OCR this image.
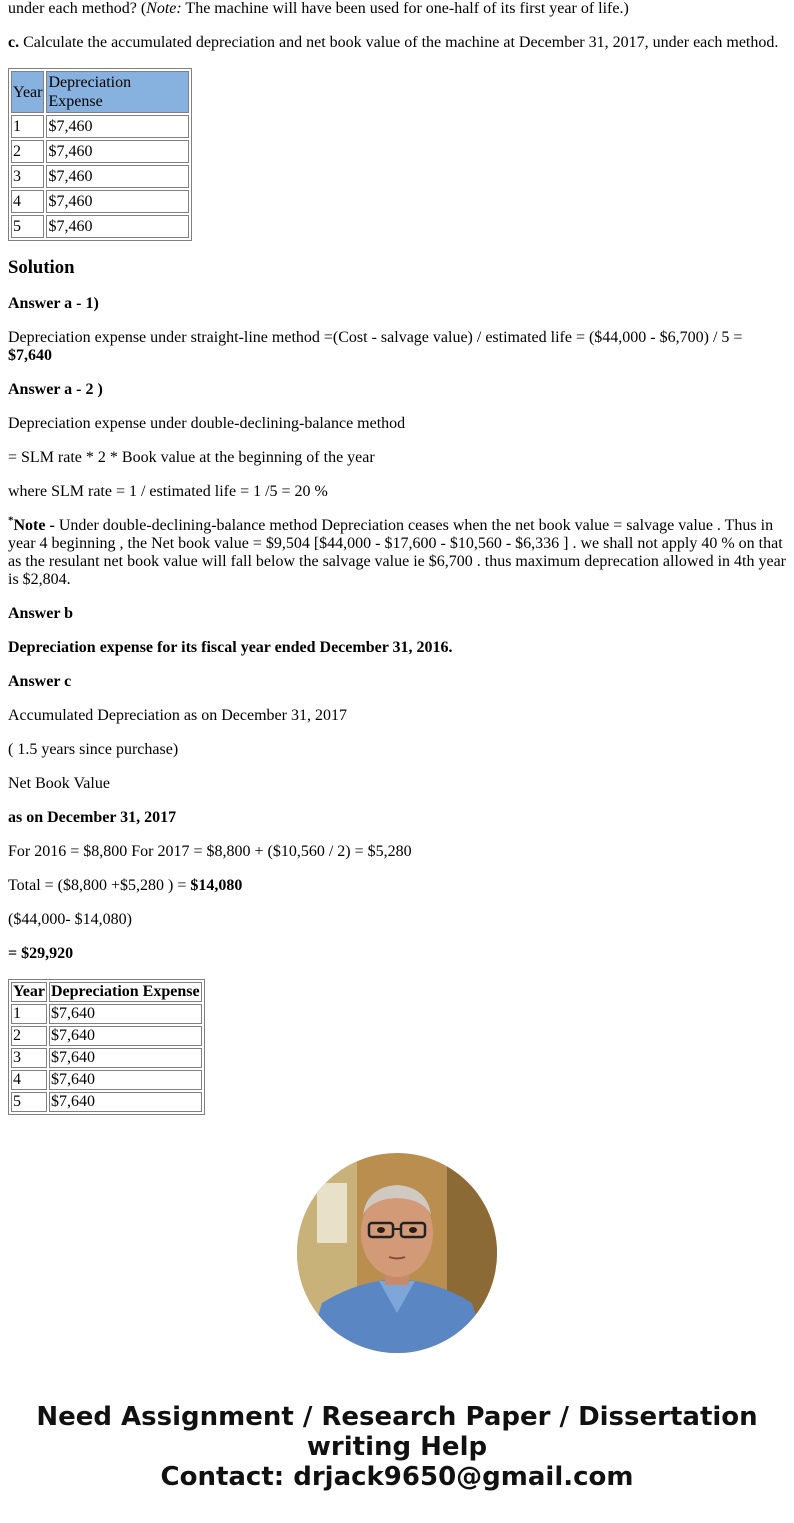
under each method? (Note: The machine will have been used for one-half of its first year of life.)

c. Calculate the accumulated depreciation and net book value of the machine at December 31, 2017, under each method.

Year	Depreciation Expense
1	$7,460
2	$7,460
3	$7,460
4	$7,460
5	$7,460
Solution

Answer a - 1)

Depreciation expense under straight-line method =(Cost - salvage value) / estimated life = ($44,000 - $6,700) / 5 = $7,640

Answer a - 2 )

Depreciation expense under double-declining-balance method

= SLM rate * 2 * Book value at the beginning of the year

where SLM rate = 1 / estimated life = 1 /5 = 20 %

*Note - Under double-declining-balance method Depreciation ceases when the net book value = salvage value . Thus in year 4 beginning , the Net book value = $9,504 [$44,000 - $17,600 - $10,560 - $6,336 ] . we shall not apply 40 % on that as the resulant net book value will fall below the salvage value ie $6,700 . thus maximum deprecation allowed in 4th year is $2,804.

Answer b

Depreciation expense for its fiscal year ended December 31, 2016.

Answer c

Accumulated Depreciation as on December 31, 2017

( 1.5 years since purchase)

Net Book Value

as on December 31, 2017

For 2016 = $8,800 For 2017 = $8,800 + ($10,560 / 2) = $5,280

Total = ($8,800 +$5,280 ) = $14,080

($44,000- $14,080)

= $29,920

Year	Depreciation Expense
1	$7,640
2	$7,640
3	$7,640
4	$7,640
5	$7,640
Need Assignment / Research Paper / Dissertation
writing Help
Contact: drjack9650@gmail.com
